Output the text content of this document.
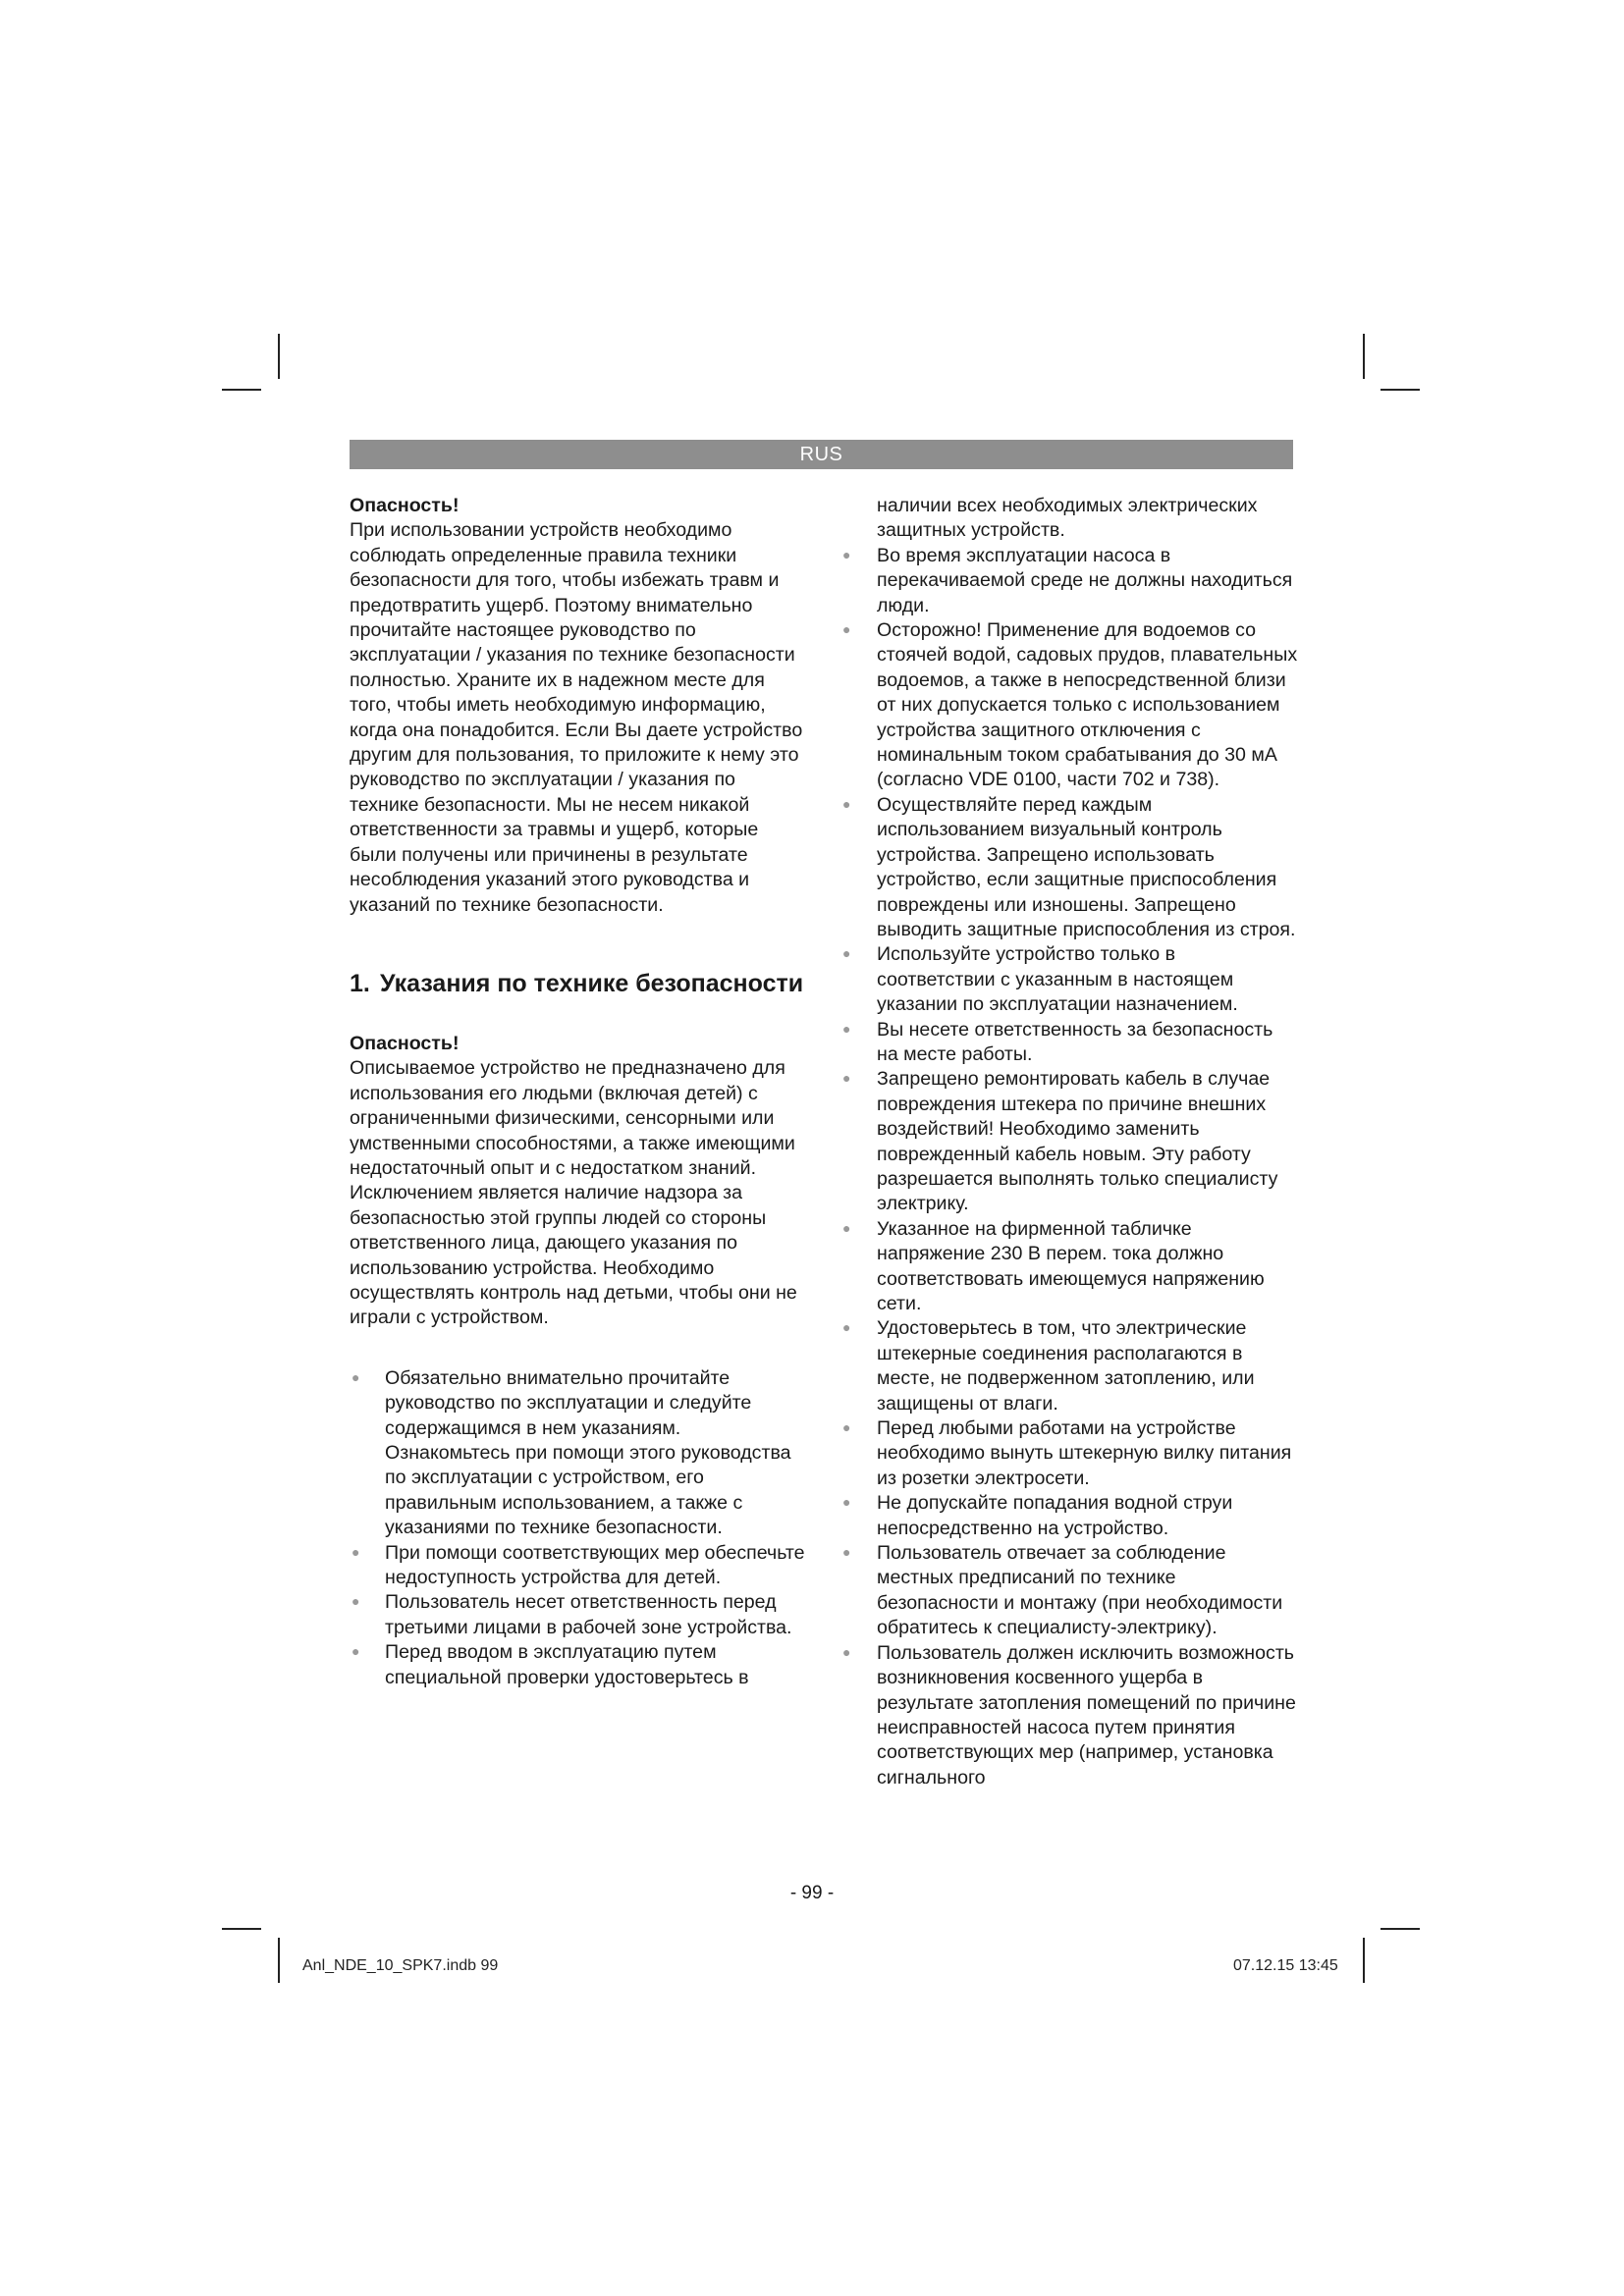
RUS
Опасность!

При использовании устройств необходимо соблюдать определенные правила техники безопасности для того, чтобы избежать травм и предотвратить ущерб. Поэтому внимательно прочитайте настоящее руководство по эксплуатации / указания по технике безопасности полностью. Храните их в надежном месте для того, чтобы иметь необходимую информацию, когда она понадобится. Если Вы даете устройство другим для пользования, то приложите к нему это руководство по эксплуатации / указания по технике безопасности. Мы не несем никакой ответственности за травмы и ущерб, которые были получены или причинены в результате несоблюдения указаний этого руководства и указаний по технике безопасности.

1. Указания по технике безопасности
Опасность!

Описываемое устройство не предназначено для использования его людьми (включая детей) с ограниченными физическими, сенсорными или умственными способностями, а также имеющими недостаточный опыт и с недостатком знаний. Исключением является наличие надзора за безопасностью этой группы людей со стороны ответственного лица, дающего указания по использованию устройства. Необходимо осуществлять контроль над детьми, чтобы они не играли с устройством.

● Обязательно внимательно прочитайте руководство по эксплуатации и следуйте содержащимся в нем указаниям. Ознакомьтесь при помощи этого руководства по эксплуатации с устройством, его правильным использованием, а также с указаниями по технике безопасности.
● При помощи соответствующих мер обеспечьте недоступность устройства для детей.
● Пользователь несет ответственность перед третьими лицами в рабочей зоне устройства.
● Перед вводом в эксплуатацию путем специальной проверки удостоверьтесь в

наличии всех необходимых электрических защитных устройств.

● Во время эксплуатации насоса в перекачиваемой среде не должны находиться люди.
● Осторожно! Применение для водоемов со стоячей водой, садовых прудов, плавательных водоемов, а также в непосредственной близи от них допускается только с использованием устройства защитного отключения с номинальным током срабатывания до 30 мА (согласно VDE 0100, части 702 и 738).
● Осуществляйте перед каждым использованием визуальный контроль устройства. Запрещено использовать устройство, если защитные приспособления повреждены или изношены. Запрещено выводить защитные приспособления из строя.
● Используйте устройство только в соответствии с указанным в настоящем указании по эксплуатации назначением.
● Вы несете ответственность за безопасность на месте работы.
● Запрещено ремонтировать кабель в случае повреждения штекера по причине внешних воздействий! Необходимо заменить поврежденный кабель новым. Эту работу разрешается выполнять только специалисту электрику.
● Указанное на фирменной табличке напряжение 230 В перем. тока должно соответствовать имеющемуся напряжению сети.
● Удостоверьтесь в том, что электрические штекерные соединения располагаются в месте, не подверженном затоплению, или защищены от влаги.
● Перед любыми работами на устройстве необходимо вынуть штекерную вилку питания из розетки электросети.
● Не допускайте попадания водной струи непосредственно на устройство.
● Пользователь отвечает за соблюдение местных предписаний по технике безопасности и монтажу (при необходимости обратитесь к специалисту-электрику).
● Пользователь должен исключить возможность возникновения косвенного ущерба в результате затопления помещений по причине неисправностей насоса путем принятия соответствующих мер (например, установка сигнального
- 99 -
Anl_NDE_10_SPK7.indb 99	07.12.15 13:45
